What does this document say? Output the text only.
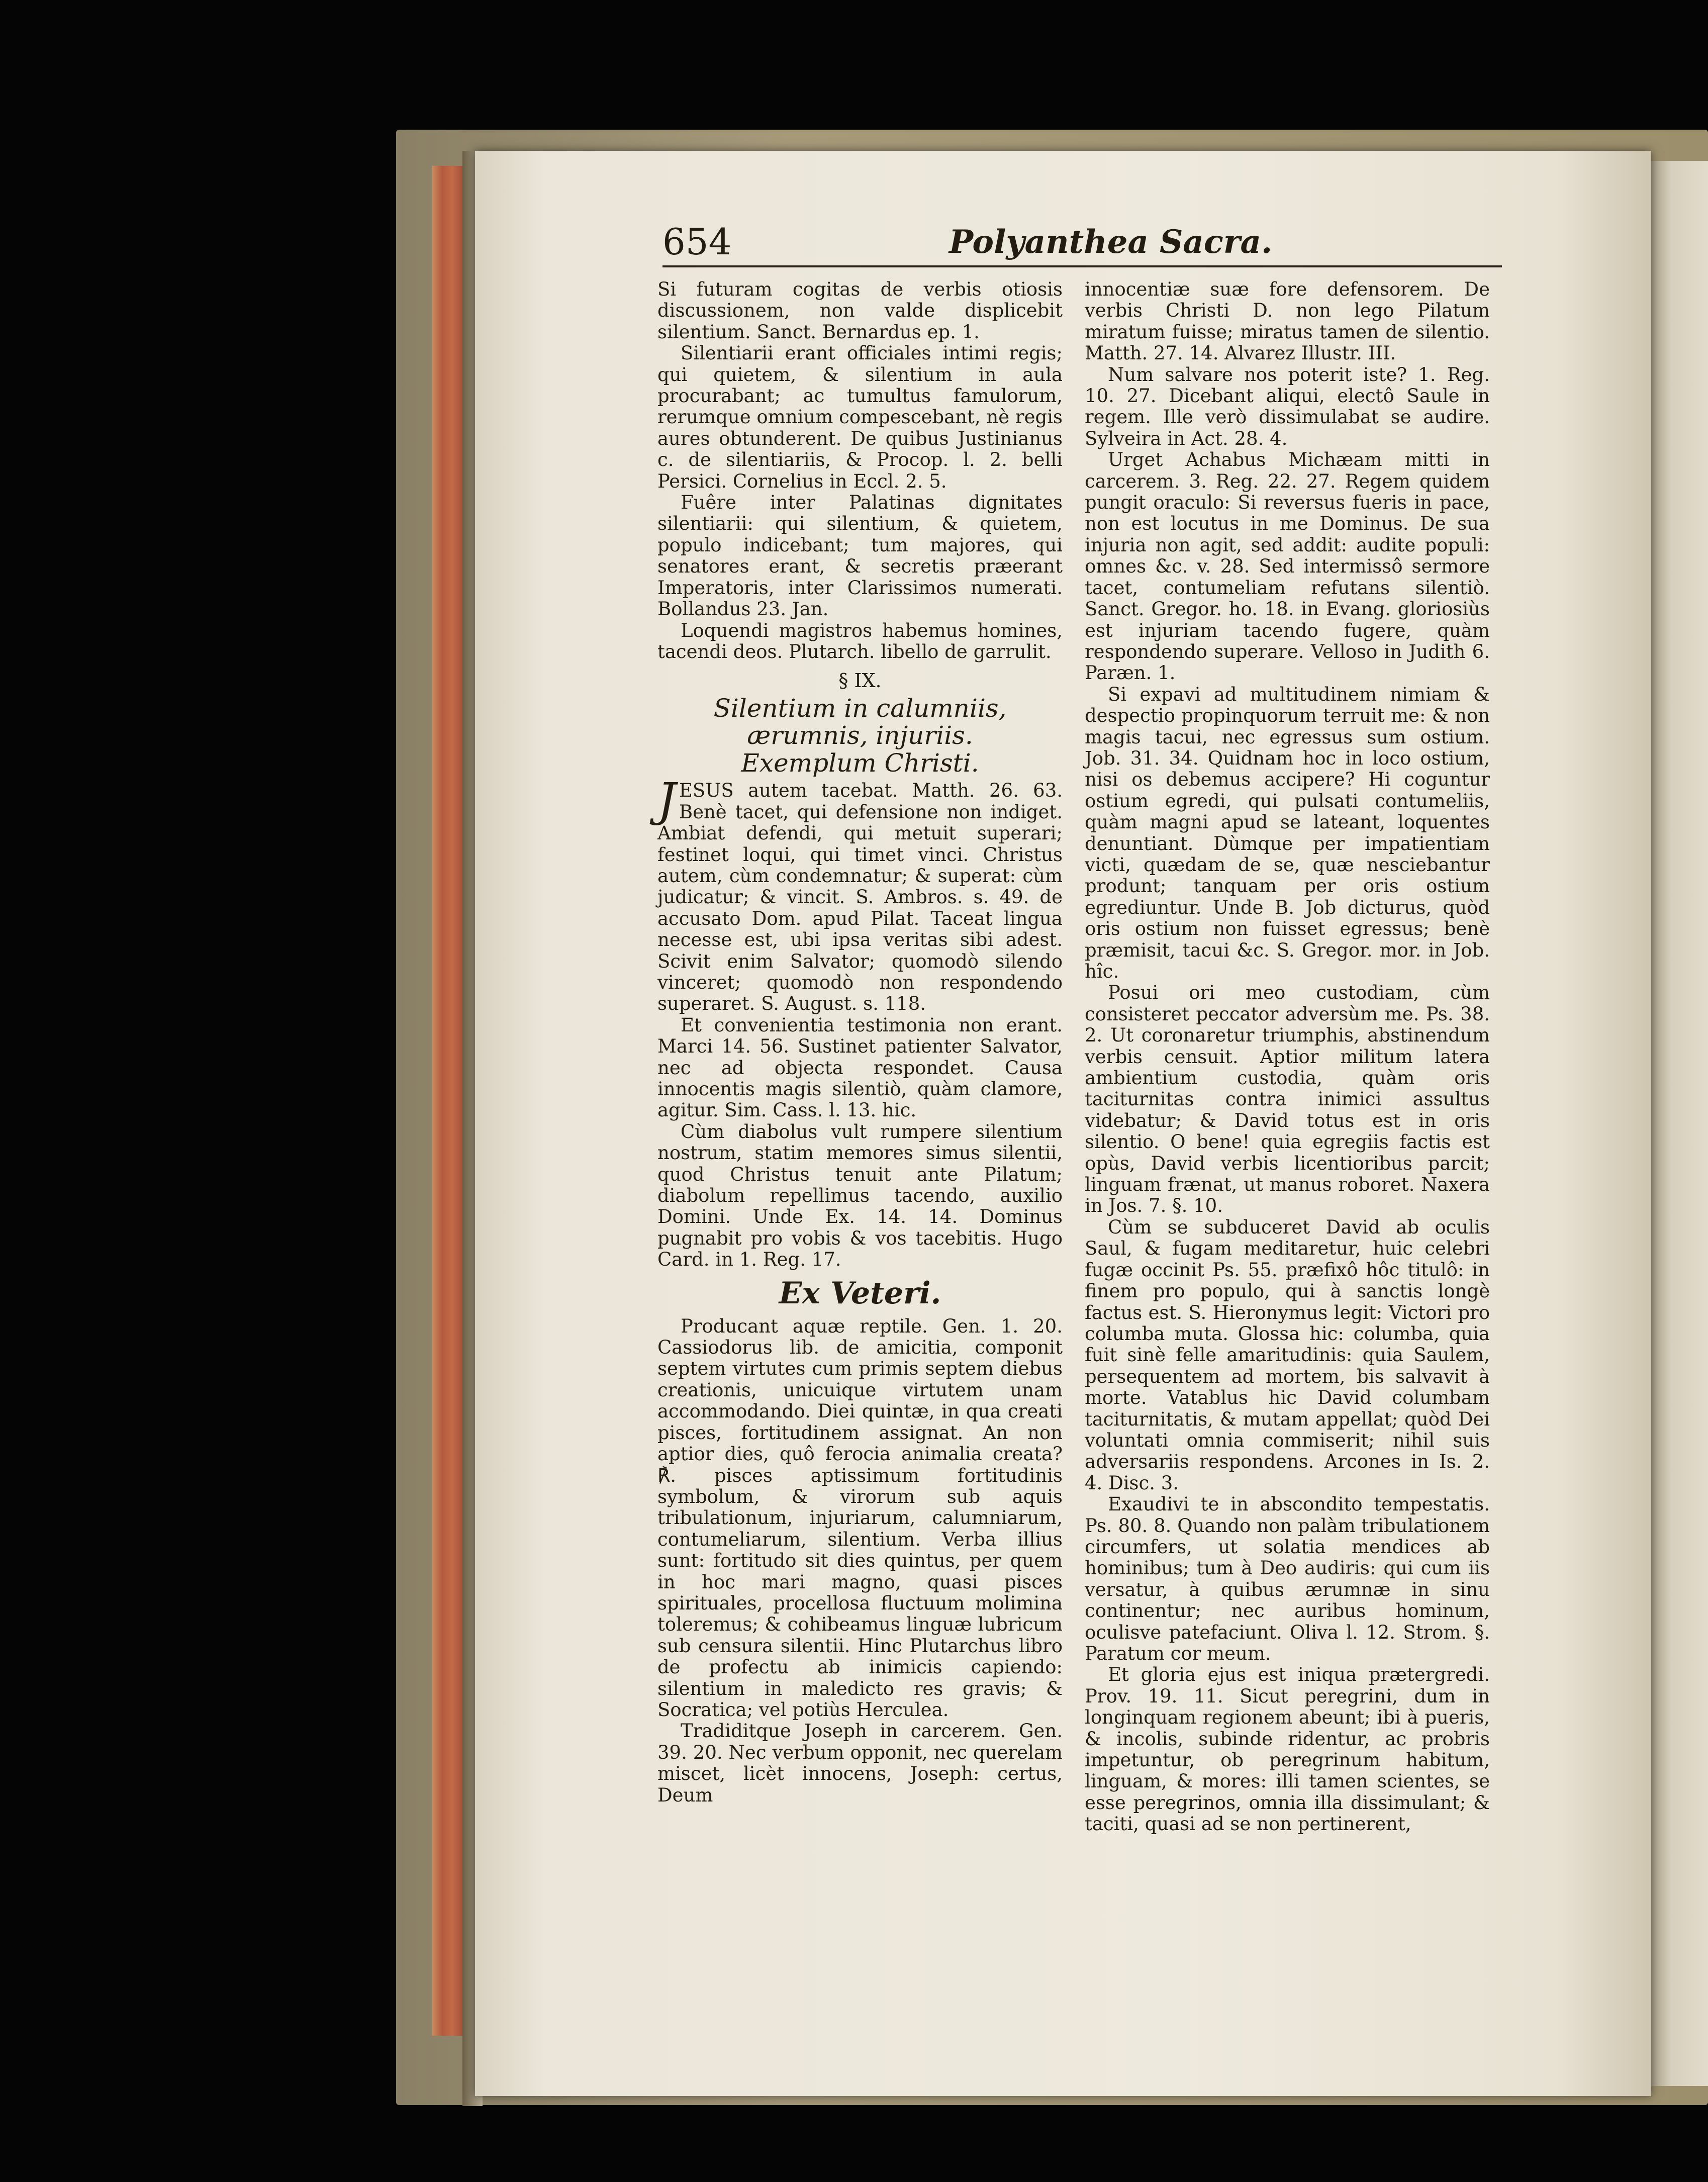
654	Polyanthea Sacra.

Si futuram cogitas de verbis otiosis discussionem, non valde displicebit silentium. Sanct. Bernardus ep. 1.

Silentiarii erant officiales intimi regis; qui quietem, & silentium in aula procurabant; ac tumultus famulorum, rerumque omnium compescebant, nè regis aures obtunderent. De quibus Justinianus c. de silentiariis, & Procop. l. 2. belli Persici. Cornelius in Eccl. 2. 5.

Fuêre inter Palatinas dignitates silentiarii: qui silentium, & quietem, populo indicebant; tum majores, qui senatores erant, & secretis præerant Imperatoris, inter Clarissimos numerati. Bollandus 23. Jan.

Loquendi magistros habemus homines, tacendi deos. Plutarch. libello de garrulit.

§ IX.
Silentium in calumniis, ærumnis, injuriis.
Exemplum Christi.

JESUS autem tacebat. Matth. 26. 63. Benè tacet, qui defensione non indiget. Ambiat defendi, qui metuit superari; festinet loqui, qui timet vinci. Christus autem, cùm condemnatur; & superat: cùm judicatur; & vincit. S. Ambros. s. 49. de accusato Dom. apud Pilat. Taceat lingua necesse est, ubi ipsa veritas sibi adest. Scivit enim Salvator; quomodò silendo vinceret; quomodò non respondendo superaret. S. August. s. 118.

Et convenientia testimonia non erant. Marci 14. 56. Sustinet patienter Salvator, nec ad objecta respondet. Causa innocentis magis silentiò, quàm clamore, agitur. Sim. Cass. l. 13. hic.

Cùm diabolus vult rumpere silentium nostrum, statim memores simus silentii, quod Christus tenuit ante Pilatum; diabolum repellimus tacendo, auxilio Domini. Unde Ex. 14. 14. Dominus pugnabit pro vobis & vos tacebitis. Hugo Card. in 1. Reg. 17.

Ex Veteri.

Producant aquæ reptile. Gen. 1. 20. Cassiodorus lib. de amicitia, componit septem virtutes cum primis septem diebus creationis, unicuique virtutem unam accommodando. Diei quintæ, in qua creati pisces, fortitudinem assignat. An non aptior dies, quô ferocia animalia creata? ℟. pisces aptissimum fortitudinis symbolum, & virorum sub aquis tribulationum, injuriarum, calumniarum, contumeliarum, silentium. Verba illius sunt: fortitudo sit dies quintus, per quem in hoc mari magno, quasi pisces spirituales, procellosa fluctuum molimina toleremus; & cohibeamus linguæ lubricum sub censura silentii. Hinc Plutarchus libro de profectu ab inimicis capiendo: silentium in maledicto res gravis; & Socratica; vel potiùs Herculea.

Tradiditque Joseph in carcerem. Gen. 39. 20. Nec verbum opponit, nec querelam miscet, licèt innocens, Joseph: certus, Deum

innocentiæ suæ fore defensorem. De verbis Christi D. non lego Pilatum miratum fuisse; miratus tamen de silentio. Matth. 27. 14. Alvarez Illustr. III.

Num salvare nos poterit iste? 1. Reg. 10. 27. Dicebant aliqui, electô Saule in regem. Ille verò dissimulabat se audire. Sylveira in Act. 28. 4.

Urget Achabus Michæam mitti in carcerem. 3. Reg. 22. 27. Regem quidem pungit oraculo: Si reversus fueris in pace, non est locutus in me Dominus. De sua injuria non agit, sed addit: audite populi: omnes &c. v. 28. Sed intermissô sermore tacet, contumeliam refutans silentiò. Sanct. Gregor. ho. 18. in Evang. gloriosiùs est injuriam tacendo fugere, quàm respondendo superare. Velloso in Judith 6. Paræn. 1.

Si expavi ad multitudinem nimiam & despectio propinquorum terruit me: & non magis tacui, nec egressus sum ostium. Job. 31. 34. Quidnam hoc in loco ostium, nisi os debemus accipere? Hi coguntur ostium egredi, qui pulsati contumeliis, quàm magni apud se lateant, loquentes denuntiant. Dùmque per impatientiam victi, quædam de se, quæ nesciebantur produnt; tanquam per oris ostium egrediuntur. Unde B. Job dicturus, quòd oris ostium non fuisset egressus; benè præmisit, tacui &c. S. Gregor. mor. in Job. hîc.

Posui ori meo custodiam, cùm consisteret peccator adversùm me. Ps. 38. 2. Ut coronaretur triumphis, abstinendum verbis censuit. Aptior militum latera ambientium custodia, quàm oris taciturnitas contra inimici assultus videbatur; & David totus est in oris silentio. O bene! quia egregiis factis est opùs, David verbis licentioribus parcit; linguam frænat, ut manus roboret. Naxera in Jos. 7. §. 10.

Cùm se subduceret David ab oculis Saul, & fugam meditaretur, huic celebri fugæ occinit Ps. 55. præfixô hôc titulô: in finem pro populo, qui à sanctis longè factus est. S. Hieronymus legit: Victori pro columba muta. Glossa hic: columba, quia fuit sinè felle amaritudinis: quia Saulem, persequentem ad mortem, bis salvavit à morte. Vatablus hic David columbam taciturnitatis, & mutam appellat; quòd Dei voluntati omnia commiserit; nihil suis adversariis respondens. Arcones in Is. 2. 4. Disc. 3.

Exaudivi te in abscondito tempestatis. Ps. 80. 8. Quando non palàm tribulationem circumfers, ut solatia mendices ab hominibus; tum à Deo audiris: qui cum iis versatur, à quibus ærumnæ in sinu continentur; nec auribus hominum, oculisve patefaciunt. Oliva l. 12. Strom. §. Paratum cor meum.

Et gloria ejus est iniqua prætergredi. Prov. 19. 11. Sicut peregrini, dum in longinquam regionem abeunt; ibi à pueris, & incolis, subinde ridentur, ac probris impetuntur, ob peregrinum habitum, linguam, & mores: illi tamen scientes, se esse peregrinos, omnia illa dissimulant; & taciti, quasi ad se non pertinerent,
